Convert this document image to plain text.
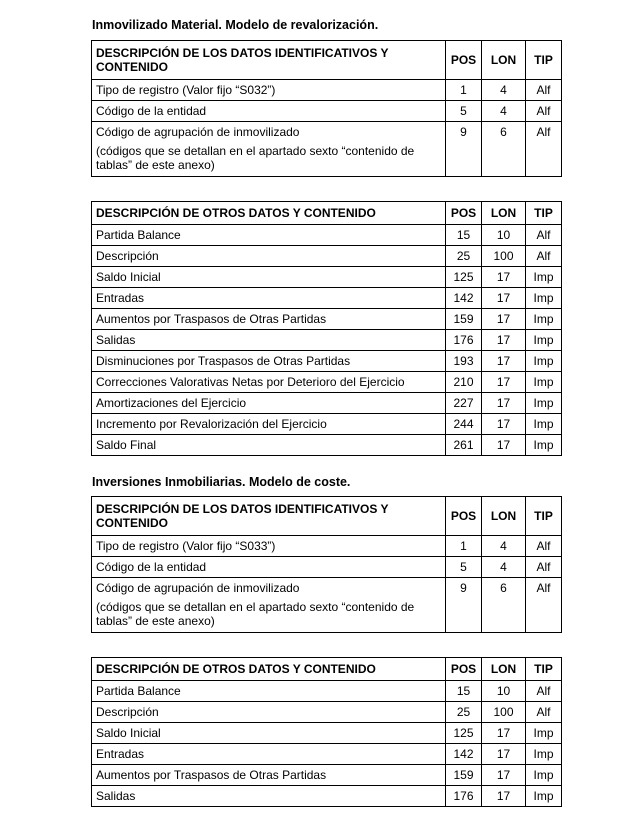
Inmovilizado Material. Modelo de revalorización.
DESCRIPCIÓN DE LOS DATOS IDENTIFICATIVOS Y CONTENIDO	POS	LON	TIP
Tipo de registro (Valor fijo “S032”)	1	4	Alf
Código de la entidad	5	4	Alf
Código de agrupación de inmovilizado
(códigos que se detallan en el apartado sexto “contenido de tablas” de este anexo)	9	6	Alf
DESCRIPCIÓN DE OTROS DATOS Y CONTENIDO	POS	LON	TIP
Partida Balance	15	10	Alf
Descripción	25	100	Alf
Saldo Inicial	125	17	Imp
Entradas	142	17	Imp
Aumentos por Traspasos de Otras Partidas	159	17	Imp
Salidas	176	17	Imp
Disminuciones por Traspasos de Otras Partidas	193	17	Imp
Correcciones Valorativas Netas por Deterioro del Ejercicio	210	17	Imp
Amortizaciones del Ejercicio	227	17	Imp
Incremento por Revalorización del Ejercicio	244	17	Imp
Saldo Final	261	17	Imp
Inversiones Inmobiliarias. Modelo de coste.
DESCRIPCIÓN DE LOS DATOS IDENTIFICATIVOS Y CONTENIDO	POS	LON	TIP
Tipo de registro (Valor fijo “S033”)	1	4	Alf
Código de la entidad	5	4	Alf
Código de agrupación de inmovilizado
(códigos que se detallan en el apartado sexto “contenido de tablas” de este anexo)	9	6	Alf
DESCRIPCIÓN DE OTROS DATOS Y CONTENIDO	POS	LON	TIP
Partida Balance	15	10	Alf
Descripción	25	100	Alf
Saldo Inicial	125	17	Imp
Entradas	142	17	Imp
Aumentos por Traspasos de Otras Partidas	159	17	Imp
Salidas	176	17	Imp
